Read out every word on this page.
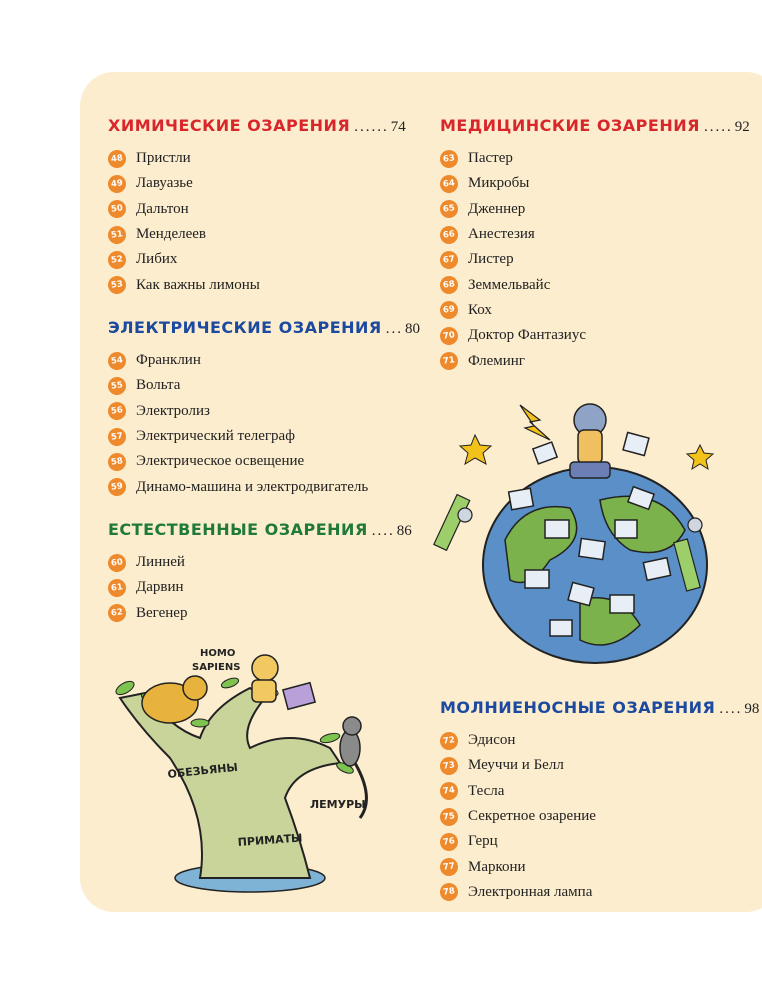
ХИМИЧЕСКИЕ ОЗАРЕНИЯ ...... 74
48 Пристли
49 Лавуазье
50 Дальтон
51 Менделеев
52 Либих
53 Как важны лимоны
ЭЛЕКТРИЧЕСКИЕ ОЗАРЕНИЯ ... 80
54 Франклин
55 Вольта
56 Электролиз
57 Электрический телеграф
58 Электрическое освещение
59 Динамо-машина и электродвигатель
ЕСТЕСТВЕННЫЕ ОЗАРЕНИЯ .... 86
60 Линней
61 Дарвин
62 Вегенер
МЕДИЦИНСКИЕ ОЗАРЕНИЯ ..... 92
63 Пастер
64 Микробы
65 Дженнер
66 Анестезия
67 Листер
68 Земмельвайс
69 Кох
70 Доктор Фантазиус
71 Флеминг
МОЛНИЕНОСНЫЕ ОЗАРЕНИЯ .... 98
72 Эдисон
73 Меуччи и Белл
74 Тесла
75 Секретное озарение
76 Герц
77 Маркони
78 Электронная лампа
HOMO
SAPIENS
ОБЕЗЬЯНЫ
ЛЕМУРЫ
ПРИМАТЫ
